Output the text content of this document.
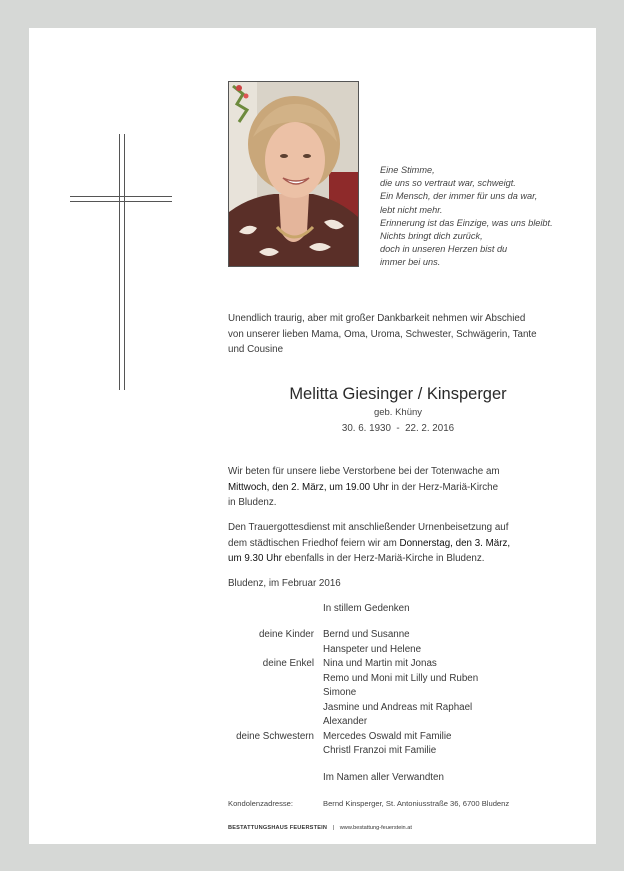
Eine Stimme,
die uns so vertraut war, schweigt.
Ein Mensch, der immer für uns da war,
lebt nicht mehr.
Erinnerung ist das Einzige, was uns bleibt.
Nichts bringt dich zurück,
doch in unseren Herzen bist du
immer bei uns.
Unendlich traurig, aber mit großer Dankbarkeit nehmen wir Abschied
von unserer lieben Mama, Oma, Uroma, Schwester, Schwägerin, Tante
und Cousine
Melitta Giesinger / Kinsperger
geb. Khüny
30. 6. 1930  -  22. 2. 2016
Wir beten für unsere liebe Verstorbene bei der Totenwache am
Mittwoch, den 2. März, um 19.00 Uhr in der Herz-Mariä-Kirche
in Bludenz.
Den Trauergottesdienst mit anschließender Urnenbeisetzung auf
dem städtischen Friedhof feiern wir am Donnerstag, den 3. März,
um 9.30 Uhr ebenfalls in der Herz-Mariä-Kirche in Bludenz.
Bludenz, im Februar 2016
In stillem Gedenken
deine Kinder Bernd und Susanne
Hanspeter und Helene
deine Enkel Nina und Martin mit Jonas
Remo und Moni mit Lilly und Ruben
Simone
Jasmine und Andreas mit Raphael
Alexander
deine Schwestern Mercedes Oswald mit Familie
Christl Franzoi mit Familie
Im Namen aller Verwandten
Kondolenzadresse:	Bernd Kinsperger, St. Antoniusstraße 36, 6700 Bludenz
BESTATTUNGSHAUS FEUERSTEIN | www.bestattung-feuerstein.at
